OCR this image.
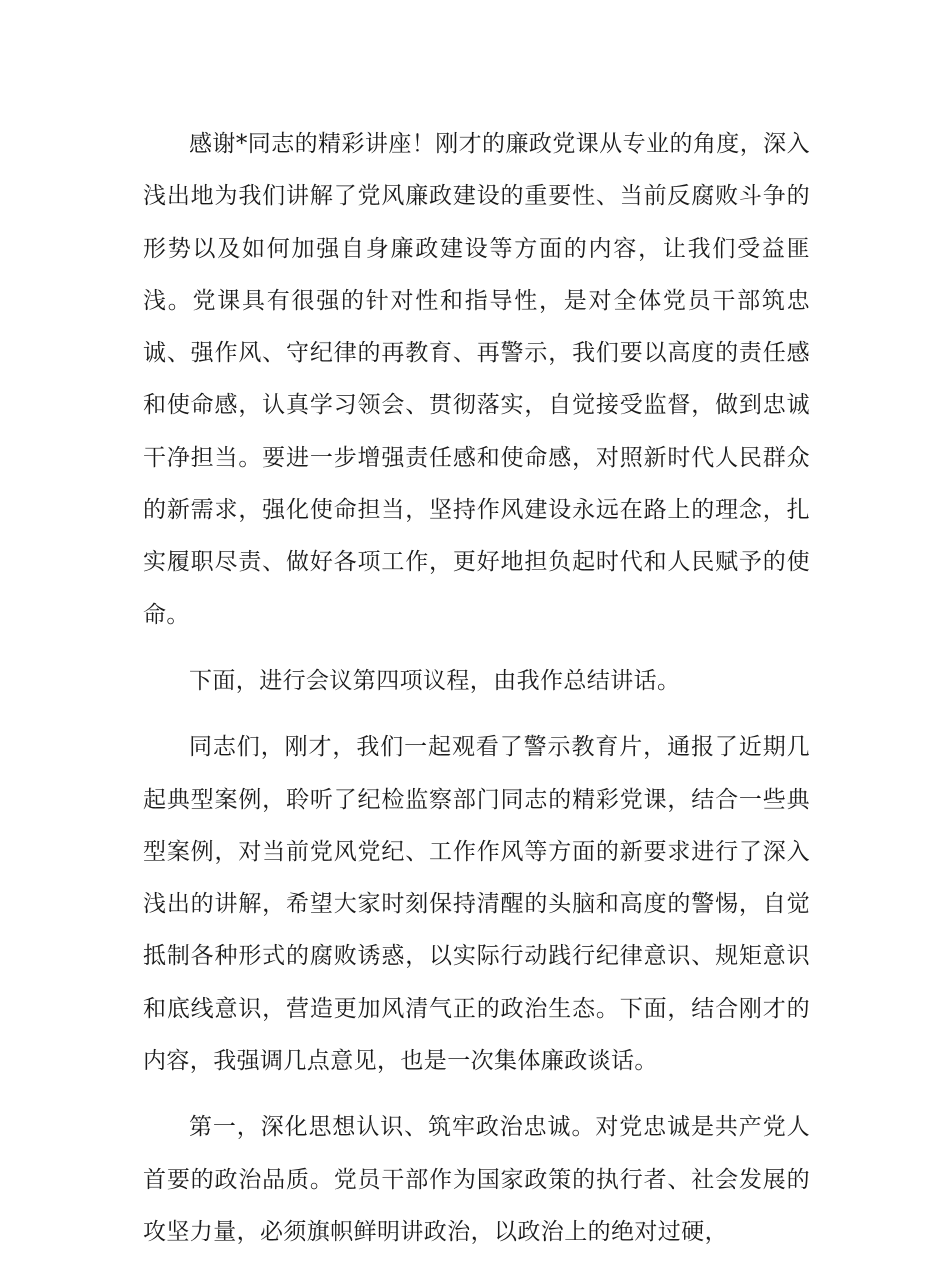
感谢*同志的精彩讲座！刚才的廉政党课从专业的角度，深入浅出地为我们讲解了党风廉政建设的重要性、当前反腐败斗争的形势以及如何加强自身廉政建设等方面的内容，让我们受益匪浅。党课具有很强的针对性和指导性，是对全体党员干部筑忠诚、强作风、守纪律的再教育、再警示，我们要以高度的责任感和使命感，认真学习领会、贯彻落实，自觉接受监督，做到忠诚干净担当。要进一步增强责任感和使命感，对照新时代人民群众的新需求，强化使命担当，坚持作风建设永远在路上的理念，扎实履职尽责、做好各项工作，更好地担负起时代和人民赋予的使命。

下面，进行会议第四项议程，由我作总结讲话。

同志们，刚才，我们一起观看了警示教育片，通报了近期几起典型案例，聆听了纪检监察部门同志的精彩党课，结合一些典型案例，对当前党风党纪、工作作风等方面的新要求进行了深入浅出的讲解，希望大家时刻保持清醒的头脑和高度的警惕，自觉抵制各种形式的腐败诱惑，以实际行动践行纪律意识、规矩意识和底线意识，营造更加风清气正的政治生态。下面，结合刚才的内容，我强调几点意见，也是一次集体廉政谈话。

第一，深化思想认识、筑牢政治忠诚。对党忠诚是共产党人首要的政治品质。党员干部作为国家政策的执行者、社会发展的攻坚力量，必须旗帜鲜明讲政治，以政治上的绝对过硬，
